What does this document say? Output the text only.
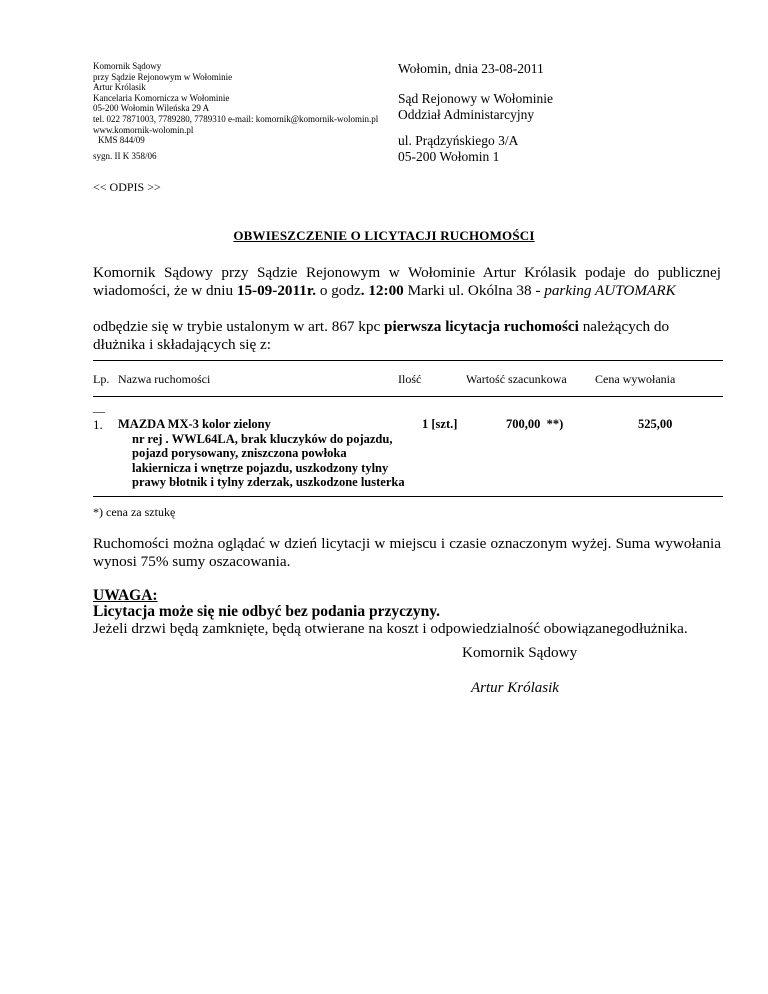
Komornik Sądowy
przy Sądzie Rejonowym w Wołominie
Artur Królasik
Kancelaria Komornicza w Wołominie
05-200 Wołomin Wileńska 29 A
tel. 022 7871003, 7789280, 7789310 e-mail: komornik@komornik-wolomin.pl
www.komornik-wolomin.pl
KMS 844/09
sygn. II K 358/06
Wołomin, dnia 23-08-2011
Sąd Rejonowy w Wołominie
Oddział Administarcyjny
ul. Prądzyńskiego 3/A
05-200 Wołomin 1
<< ODPIS >>
OBWIESZCZENIE O LICYTACJI RUCHOMOŚCI
Komornik Sądowy przy Sądzie Rejonowym w Wołominie Artur Królasik podaje do publicznej wiadomości, że w dniu 15-09-2011r. o godz. 12:00 Marki ul. Okólna 38 - parking AUTOMARK
odbędzie się w trybie ustalonym w art. 867 kpc pierwsza licytacja ruchomości należących do dłużnika i składających się z:
Lp. Nazwa ruchomości	Ilość	Wartość szacunkowa Cena wywołania
__
1. MAZDA MX-3 kolor zielony
nr rej . WWL64LA, brak kluczyków do pojazdu,
pojazd porysowany, zniszczona powłoka
lakiernicza i wnętrze pojazdu, uszkodzony tylny
prawy błotnik i tylny zderzak, uszkodzone lusterka
1 [szt.]	700,00  **)	525,00
*) cena za sztukę
Ruchomości można oglądać w dzień licytacji w miejscu i czasie oznaczonym wyżej. Suma wywołania wynosi 75% sumy oszacowania.
UWAGA:
Licytacja może się nie odbyć bez podania przyczyny.
Jeżeli drzwi będą zamknięte, będą otwierane na koszt i odpowiedzialność obowiązanegodłużnika.
Komornik Sądowy
Artur Królasik
